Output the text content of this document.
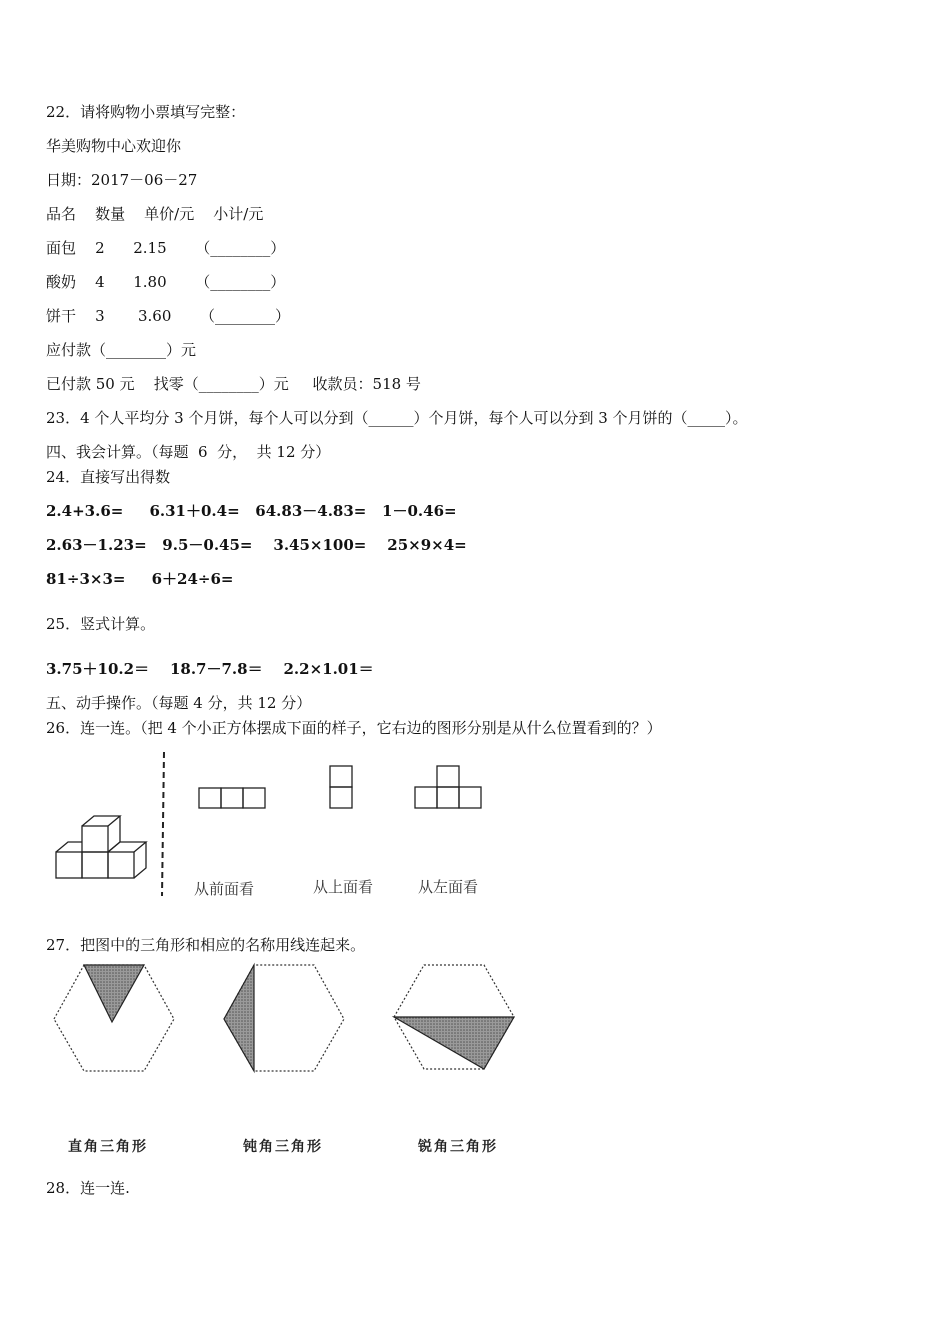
22．请将购物小票填写完整：
华美购物中心欢迎你
日期：2017－06－27
品名    数量    单价/元    小计/元
面包    2      2.15      （________）
酸奶    4      1.80      （________）
饼干    3       3.60      （________）
应付款（________）元
已付款 50 元    找零（________）元     收款员：518 号
23．4 个人平均分 3 个月饼，每个人可以分到（______）个月饼，每个人可以分到 3 个月饼的（_____）。
四、我会计算。（每题  6  分，  共 12 分）
24．直接写出得数
2.4+3.6=     6.31＋0.4=   64.83－4.83=   1－0.46=
2.63－1.23=   9.5－0.45=    3.45×100=    25×9×4=
81÷3×3=     6＋24÷6=
25．竖式计算。
3.75＋10.2＝    18.7－7.8＝    2.2×1.01＝
五、动手操作。（每题 4 分，共 12 分）
26．连一连。（把 4 个小正方体摆成下面的样子，它右边的图形分别是从什么位置看到的？）
从前面看	从上面看	从左面看
27．把图中的三角形和相应的名称用线连起来。
直角三角形	钝角三角形	锐角三角形
28．连一连.
